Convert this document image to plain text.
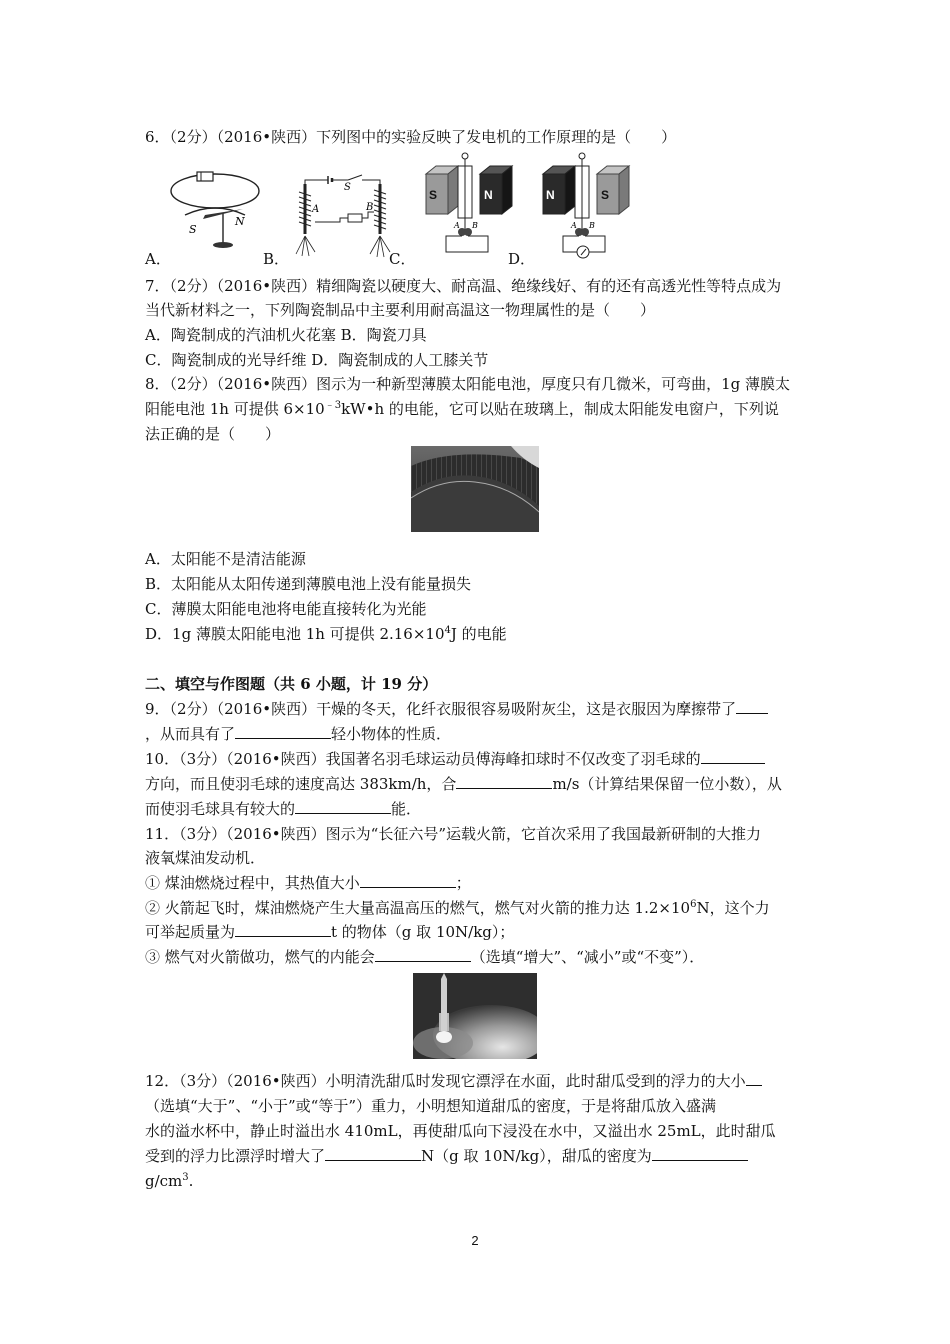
6．（2分）（2016•陕西）下列图中的实验反映了发电机的工作原理的是（　　）
S
N
S
A	B
S	N
A B
N	S
A B
A．	B．	C．	D．
7．（2分）（2016•陕西）精细陶瓷以硬度大、耐高温、绝缘线好、有的还有高透光性等特点成为
当代新材料之一，下列陶瓷制品中主要利用耐高温这一物理属性的是（　　）
A．陶瓷制成的汽油机火花塞 B．陶瓷刀具
C．陶瓷制成的光导纤维 D．陶瓷制成的人工膝关节
8．（2分）（2016•陕西）图示为一种新型薄膜太阳能电池，厚度只有几微米，可弯曲，1g 薄膜太
阳能电池 1h 可提供 $6\times 10^{﹣3}kW•h$ 的电能，它可以贴在玻璃上，制成太阳能发电窗户，下列说
法正确的是（　　）
A．太阳能不是清洁能源
B．太阳能从太阳传递到薄膜电池上没有能量损失
C．薄膜太阳能电池将电能直接转化为光能
D．1g 薄膜太阳能电池 1h 可提供 $2.16\times 10^4J$ 的电能
二、填空与作图题（共 6 小题，计 19 分）
9．（2分）（2016•陕西）干燥的冬天，化纤衣服很容易吸附灰尘，这是衣服因为摩擦带了
，从而具有了	轻小物体的性质．
10．（3分）（2016•陕西）我国著名羽毛球运动员傅海峰扣球时不仅改变了羽毛球的
方向，而且使羽毛球的速度高达 383km/h，合	m/s（计算结果保留一位小数），从
而使羽毛球具有较大的	能．
11．（3分）（2016•陕西）图示为“长征六号”运载火箭，它首次采用了我国最新研制的大推力
液氧煤油发动机．
① 煤油燃烧过程中，其热值大小	；
② 火箭起飞时，煤油燃烧产生大量高温高压的燃气，燃气对火箭的推力达 $1.2\times 10^6N$，这个力
可举起质量为	t 的物体（g 取 10N/kg）；
③ 燃气对火箭做功，燃气的内能会	（选填“增大”、“减小”或“不变”）．
12．（3分）（2016•陕西）小明清洗甜瓜时发现它漂浮在水面，此时甜瓜受到的浮力的大小
（选填“大于”、“小于”或“等于”）重力，小明想知道甜瓜的密度，于是将甜瓜放入盛满
水的溢水杯中，静止时溢出水 410mL，再使甜瓜向下浸没在水中，又溢出水 25mL，此时甜瓜
受到的浮力比漂浮时增大了	N（g 取 10N/kg），甜瓜的密度为
$g/cm^3$.
2
